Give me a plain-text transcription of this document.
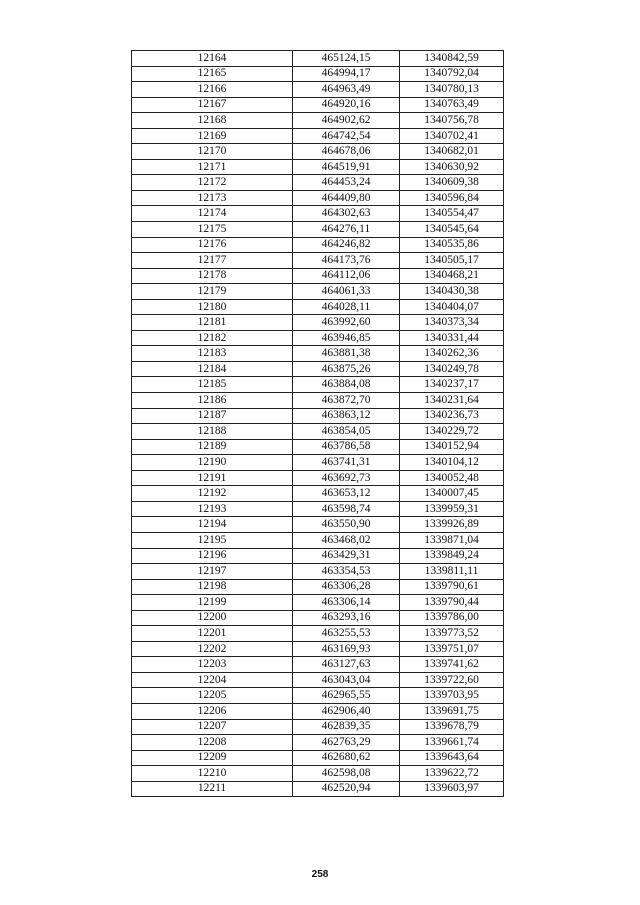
12164	465124,15	1340842,59
12165	464994,17	1340792,04
12166	464963,49	1340780,13
12167	464920,16	1340763,49
12168	464902,62	1340756,78
12169	464742,54	1340702,41
12170	464678,06	1340682,01
12171	464519,91	1340630,92
12172	464453,24	1340609,38
12173	464409,80	1340596,84
12174	464302,63	1340554,47
12175	464276,11	1340545,64
12176	464246,82	1340535,86
12177	464173,76	1340505,17
12178	464112,06	1340468,21
12179	464061,33	1340430,38
12180	464028,11	1340404,07
12181	463992,60	1340373,34
12182	463946,85	1340331,44
12183	463881,38	1340262,36
12184	463875,26	1340249,78
12185	463884,08	1340237,17
12186	463872,70	1340231,64
12187	463863,12	1340236,73
12188	463854,05	1340229,72
12189	463786,58	1340152,94
12190	463741,31	1340104,12
12191	463692,73	1340052,48
12192	463653,12	1340007,45
12193	463598,74	1339959,31
12194	463550,90	1339926,89
12195	463468,02	1339871,04
12196	463429,31	1339849,24
12197	463354,53	1339811,11
12198	463306,28	1339790,61
12199	463306,14	1339790,44
12200	463293,16	1339786,00
12201	463255,53	1339773,52
12202	463169,93	1339751,07
12203	463127,63	1339741,62
12204	463043,04	1339722,60
12205	462965,55	1339703,95
12206	462906,40	1339691,75
12207	462839,35	1339678,79
12208	462763,29	1339661,74
12209	462680,62	1339643,64
12210	462598,08	1339622,72
12211	462520,94	1339603,97
258
